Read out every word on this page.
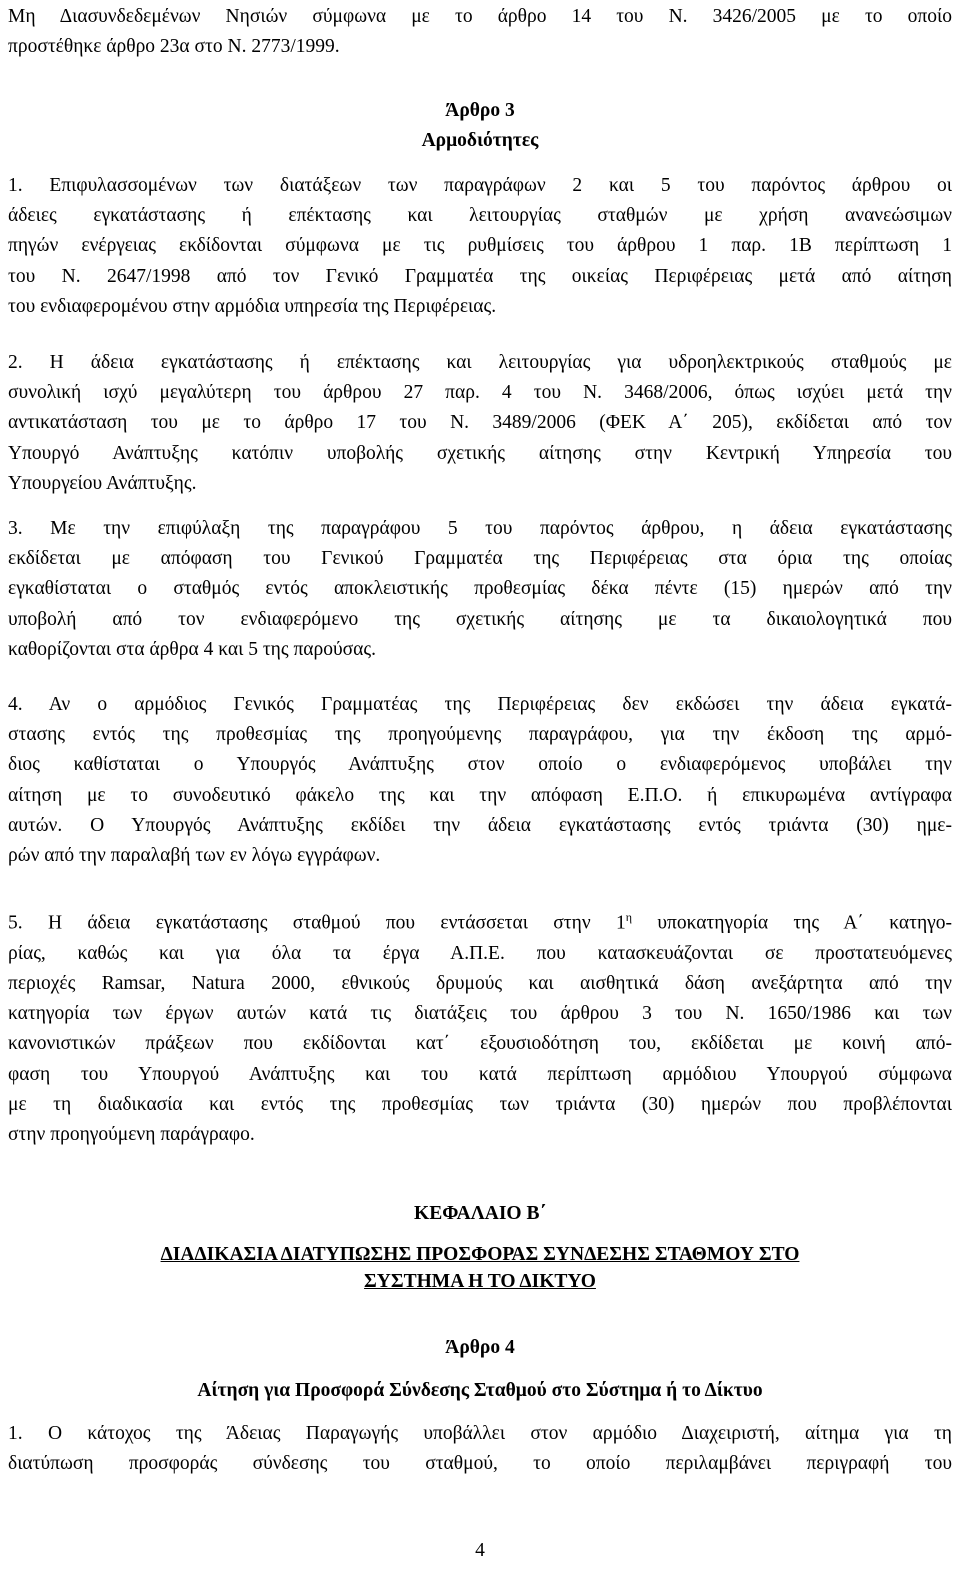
Μη Διασυνδεδεμένων Νησιών σύμφωνα με το άρθρο 14 του Ν. 3426/2005 με το οποίο
προστέθηκε άρθρο 23α στο Ν. 2773/1999.
Άρθρο 3
Αρμοδιότητες
1. Επιφυλασσομένων των διατάξεων των παραγράφων 2 και 5 του παρόντος άρθρου οι
άδειες εγκατάστασης ή επέκτασης και λειτουργίας σταθμών με χρήση ανανεώσιμων
πηγών ενέργειας εκδίδονται σύμφωνα με τις ρυθμίσεις του άρθρου 1 παρ. 1Β περίπτωση 1
του Ν. 2647/1998 από τον Γενικό Γραμματέα της οικείας Περιφέρειας μετά από αίτηση
του ενδιαφερομένου στην αρμόδια υπηρεσία της Περιφέρειας.
2. Η άδεια εγκατάστασης ή επέκτασης και λειτουργίας για υδροηλεκτρικούς σταθμούς με
συνολική ισχύ μεγαλύτερη του άρθρου 27 παρ. 4 του Ν. 3468/2006, όπως ισχύει μετά την
αντικατάσταση του με το άρθρο 17 του Ν. 3489/2006 (ΦΕΚ Α΄ 205), εκδίδεται από τον
Υπουργό Ανάπτυξης κατόπιν υποβολής σχετικής αίτησης στην Κεντρική Υπηρεσία του
Υπουργείου Ανάπτυξης.
3. Με την επιφύλαξη της παραγράφου 5 του παρόντος άρθρου, η άδεια εγκατάστασης
εκδίδεται με απόφαση του Γενικού Γραμματέα της Περιφέρειας στα όρια της οποίας
εγκαθίσταται ο σταθμός εντός αποκλειστικής προθεσμίας δέκα πέντε (15) ημερών από την
υποβολή από τον ενδιαφερόμενο της σχετικής αίτησης με τα δικαιολογητικά που
καθορίζονται στα άρθρα 4 και 5 της παρούσας.
4. Αν ο αρμόδιος Γενικός Γραμματέας της Περιφέρειας δεν εκδώσει την άδεια εγκατά-
στασης εντός της προθεσμίας της προηγούμενης παραγράφου, για την έκδοση της αρμό-
διος καθίσταται ο Υπουργός Ανάπτυξης στον οποίο ο ενδιαφερόμενος υποβάλει την
αίτηση με το συνοδευτικό φάκελο της και την απόφαση Ε.Π.Ο. ή επικυρωμένα αντίγραφα
αυτών. Ο Υπουργός Ανάπτυξης εκδίδει την άδεια εγκατάστασης εντός τριάντα (30) ημε-
ρών από την παραλαβή των εν λόγω εγγράφων.
5. Η άδεια εγκατάστασης σταθμού που εντάσσεται στην $1^\eta$ υποκατηγορία της Α΄ κατηγο-
ρίας, καθώς και για όλα τα έργα Α.Π.Ε. που κατασκευάζονται σε προστατευόμενες
περιοχές Ramsar, Natura 2000, εθνικούς δρυμούς και αισθητικά δάση ανεξάρτητα από την
κατηγορία των έργων αυτών κατά τις διατάξεις του άρθρου 3 του Ν. 1650/1986 και των
κανονιστικών πράξεων που εκδίδονται κατ΄ εξουσιοδότηση του, εκδίδεται με κοινή από-
φαση του Υπουργού Ανάπτυξης και του κατά περίπτωση αρμόδιου Υπουργού σύμφωνα
με τη διαδικασία και εντός της προθεσμίας των τριάντα (30) ημερών που προβλέπονται
στην προηγούμενη παράγραφο.
ΚΕΦΑΛΑΙΟ Β΄
ΔΙΑΔΙΚΑΣΙΑ ΔΙΑΤΥΠΩΣΗΣ ΠΡΟΣΦΟΡΑΣ ΣΥΝΔΕΣΗΣ ΣΤΑΘΜΟΥ ΣΤΟ
ΣΥΣΤΗΜΑ Η ΤΟ ΔΙΚΤΥΟ
Άρθρο 4
Αίτηση για Προσφορά Σύνδεσης Σταθμού στο Σύστημα ή το Δίκτυο
1. Ο κάτοχος της Άδειας Παραγωγής υποβάλλει στον αρμόδιο Διαχειριστή, αίτημα για τη
διατύπωση προσφοράς σύνδεσης του σταθμού, το οποίο περιλαμβάνει περιγραφή του
4
